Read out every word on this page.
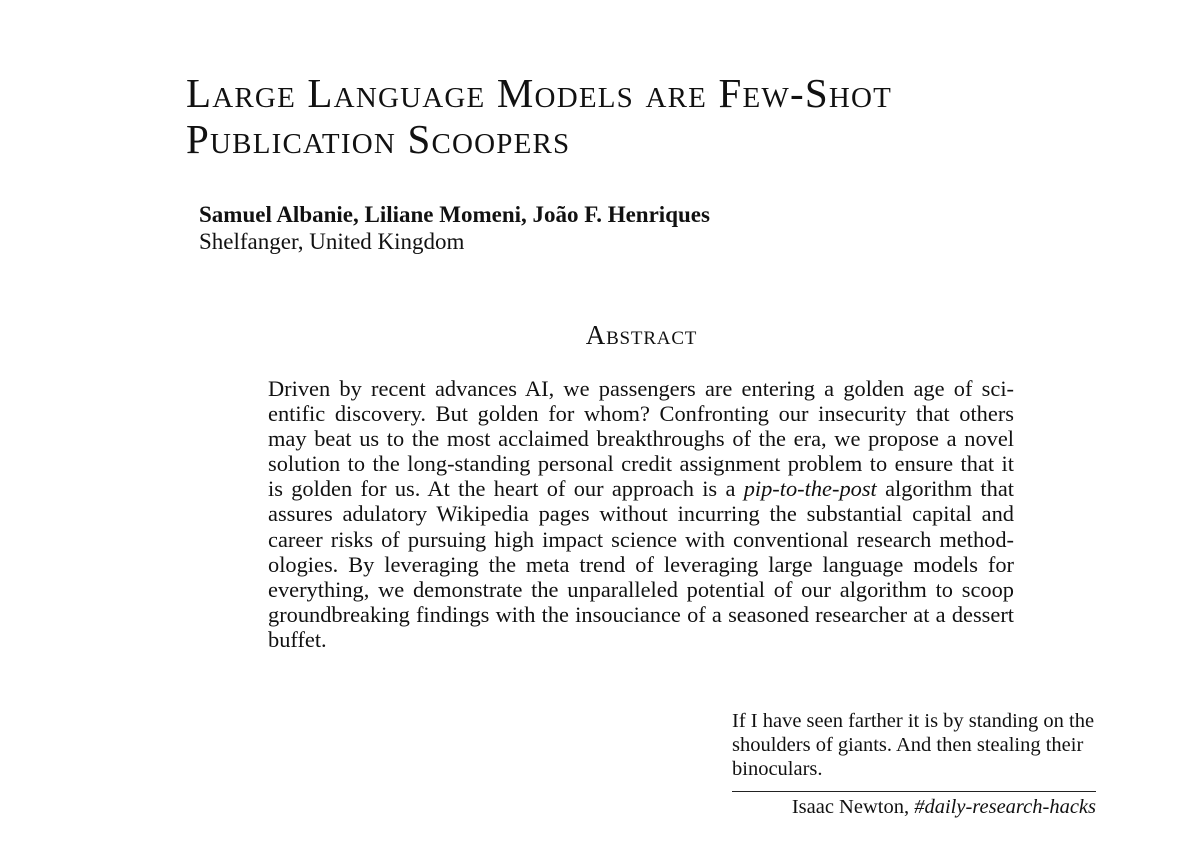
Large Language Models are Few-Shot
Publication Scoopers
Samuel Albanie, Liliane Momeni, João F. Henriques
Shelfanger, United Kingdom
Abstract
Driven by recent advances AI, we passengers are entering a golden age of sci-
entific discovery. But golden for whom? Confronting our insecurity that others
may beat us to the most acclaimed breakthroughs of the era, we propose a novel
solution to the long-standing personal credit assignment problem to ensure that it
is golden for us. At the heart of our approach is a pip-to-the-post algorithm that
assures adulatory Wikipedia pages without incurring the substantial capital and
career risks of pursuing high impact science with conventional research method-
ologies. By leveraging the meta trend of leveraging large language models for
everything, we demonstrate the unparalleled potential of our algorithm to scoop
groundbreaking findings with the insouciance of a seasoned researcher at a dessert
buffet.
If I have seen farther it is by standing on the
shoulders of giants. And then stealing their
binoculars.
Isaac Newton, #daily-research-hacks
